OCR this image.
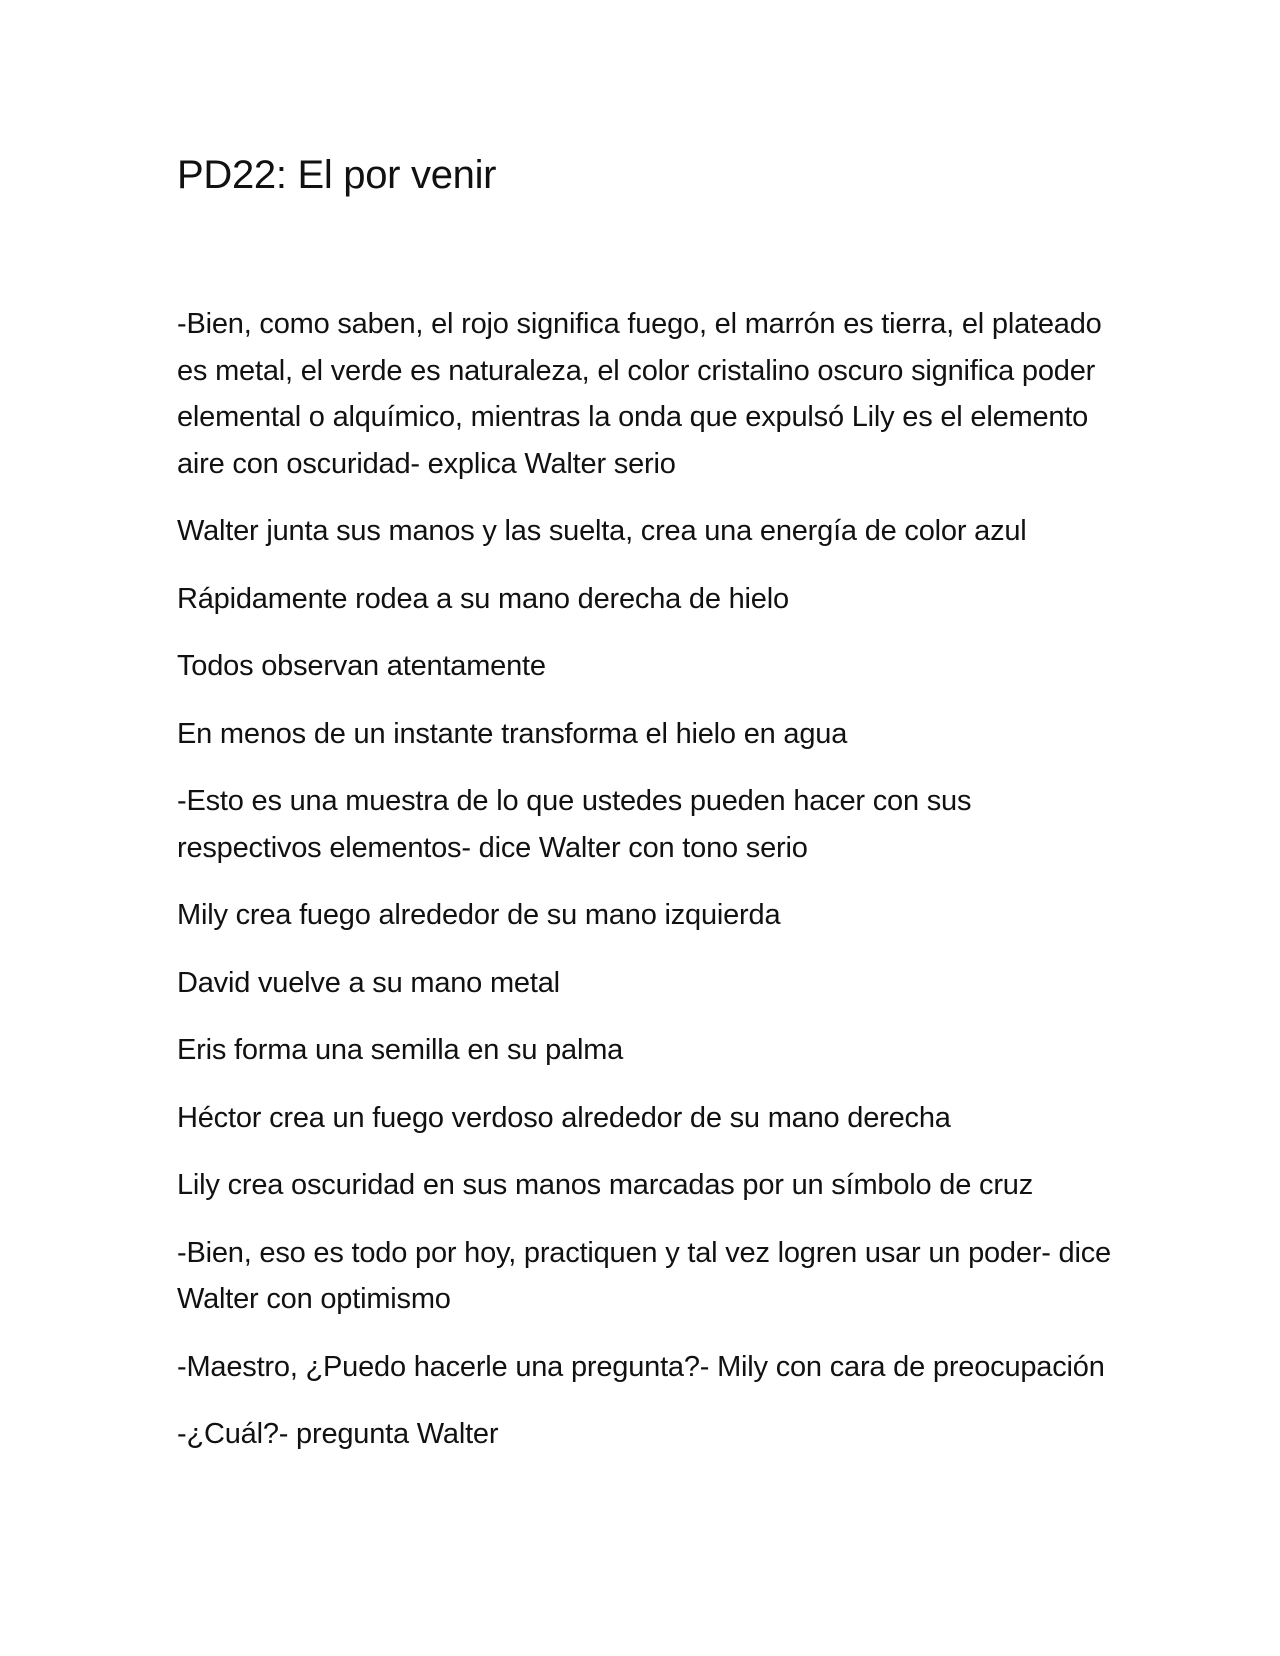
PD22: El por venir

-Bien, como saben, el rojo significa fuego, el marrón es tierra, el plateado es metal, el verde es naturaleza, el color cristalino oscuro significa poder elemental o alquímico, mientras la onda que expulsó Lily es el elemento aire con oscuridad- explica Walter serio

Walter junta sus manos y las suelta, crea una energía de color azul

Rápidamente rodea a su mano derecha de hielo

Todos observan atentamente

En menos de un instante transforma el hielo en agua

-Esto es una muestra de lo que ustedes pueden hacer con sus respectivos elementos- dice Walter con tono serio

Mily crea fuego alrededor de su mano izquierda

David vuelve a su mano metal

Eris forma una semilla en su palma

Héctor crea un fuego verdoso alrededor de su mano derecha

Lily crea oscuridad en sus manos marcadas por un símbolo de cruz

-Bien, eso es todo por hoy, practiquen y tal vez logren usar un poder- dice Walter con optimismo

-Maestro, ¿Puedo hacerle una pregunta?- Mily con cara de preocupación

-¿Cuál?- pregunta Walter
